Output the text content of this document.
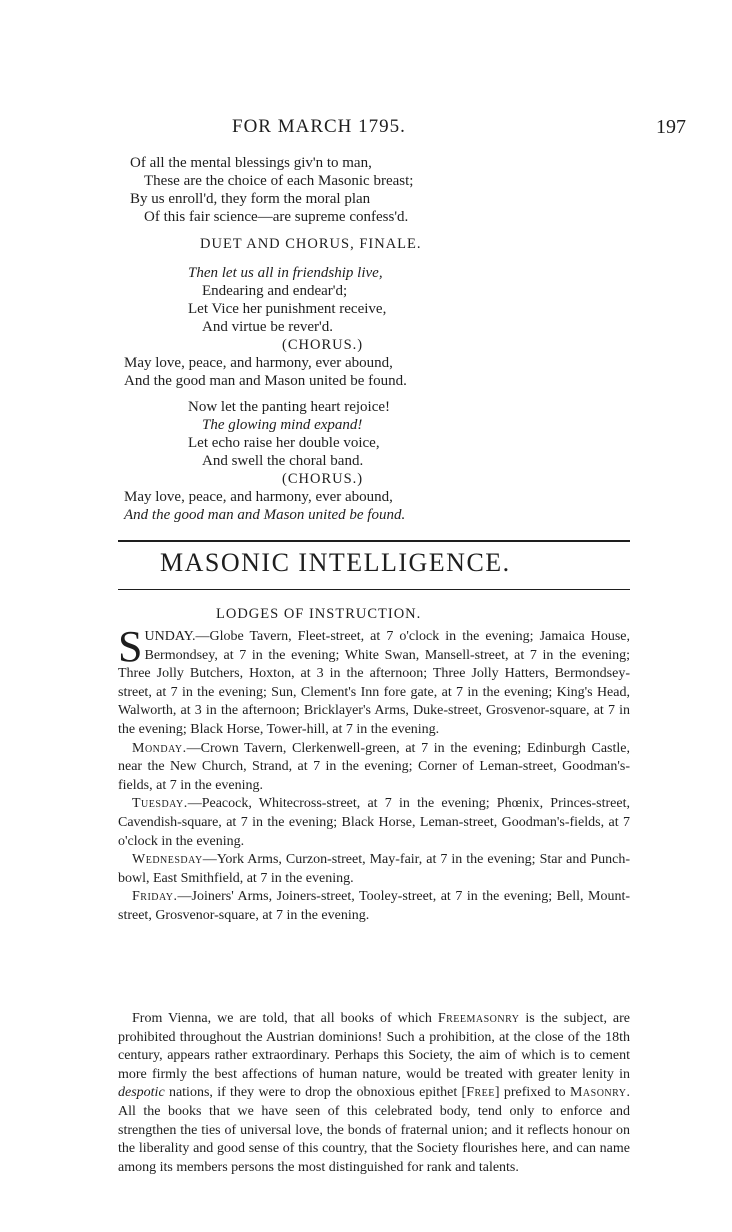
FOR MARCH 1795.	197
Of all the mental blessings giv'n to man,
These are the choice of each Masonic breast;
By us enroll'd, they form the moral plan
Of this fair science—are supreme confess'd.
DUET AND CHORUS, FINALE.
Then let us all in friendship live,
Endearing and endear'd;
Let Vice her punishment receive,
And virtue be rever'd.
(CHORUS.)
May love, peace, and harmony, ever abound,
And the good man and Mason united be found.
Now let the panting heart rejoice!
The glowing mind expand!
Let echo raise her double voice,
And swell the choral band.
(CHORUS.)
May love, peace, and harmony, ever abound,
And the good man and Mason united be found.
MASONIC INTELLIGENCE.
LODGES OF INSTRUCTION.

SUNDAY.—Globe Tavern, Fleet-street, at 7 o'clock in the evening; Jamaica House, Bermondsey, at 7 in the evening; White Swan, Mansell-street, at 7 in the evening; Three Jolly Butchers, Hoxton, at 3 in the afternoon; Three Jolly Hatters, Bermondsey-street, at 7 in the evening; Sun, Clement's Inn fore gate, at 7 in the evening; King's Head, Walworth, at 3 in the afternoon; Bricklayer's Arms, Duke-street, Grosvenor-square, at 7 in the evening; Black Horse, Tower-hill, at 7 in the evening.

Monday.—Crown Tavern, Clerkenwell-green, at 7 in the evening; Edinburgh Castle, near the New Church, Strand, at 7 in the evening; Corner of Leman-street, Goodman's-fields, at 7 in the evening.

Tuesday.—Peacock, Whitecross-street, at 7 in the evening; Phœnix, Princes-street, Cavendish-square, at 7 in the evening; Black Horse, Leman-street, Goodman's-fields, at 7 o'clock in the evening.

Wednesday—York Arms, Curzon-street, May-fair, at 7 in the evening; Star and Punch-bowl, East Smithfield, at 7 in the evening.

Friday.—Joiners' Arms, Joiners-street, Tooley-street, at 7 in the evening; Bell, Mount-street, Grosvenor-square, at 7 in the evening.

From Vienna, we are told, that all books of which Freemasonry is the subject, are prohibited throughout the Austrian dominions! Such a prohibition, at the close of the 18th century, appears rather extraordinary. Perhaps this Society, the aim of which is to cement more firmly the best affections of human nature, would be treated with greater lenity in despotic nations, if they were to drop the obnoxious epithet [Free] prefixed to Masonry. All the books that we have seen of this celebrated body, tend only to enforce and strengthen the ties of universal love, the bonds of fraternal union; and it reflects honour on the liberality and good sense of this country, that the Society flourishes here, and can name among its members persons the most distinguished for rank and talents.
